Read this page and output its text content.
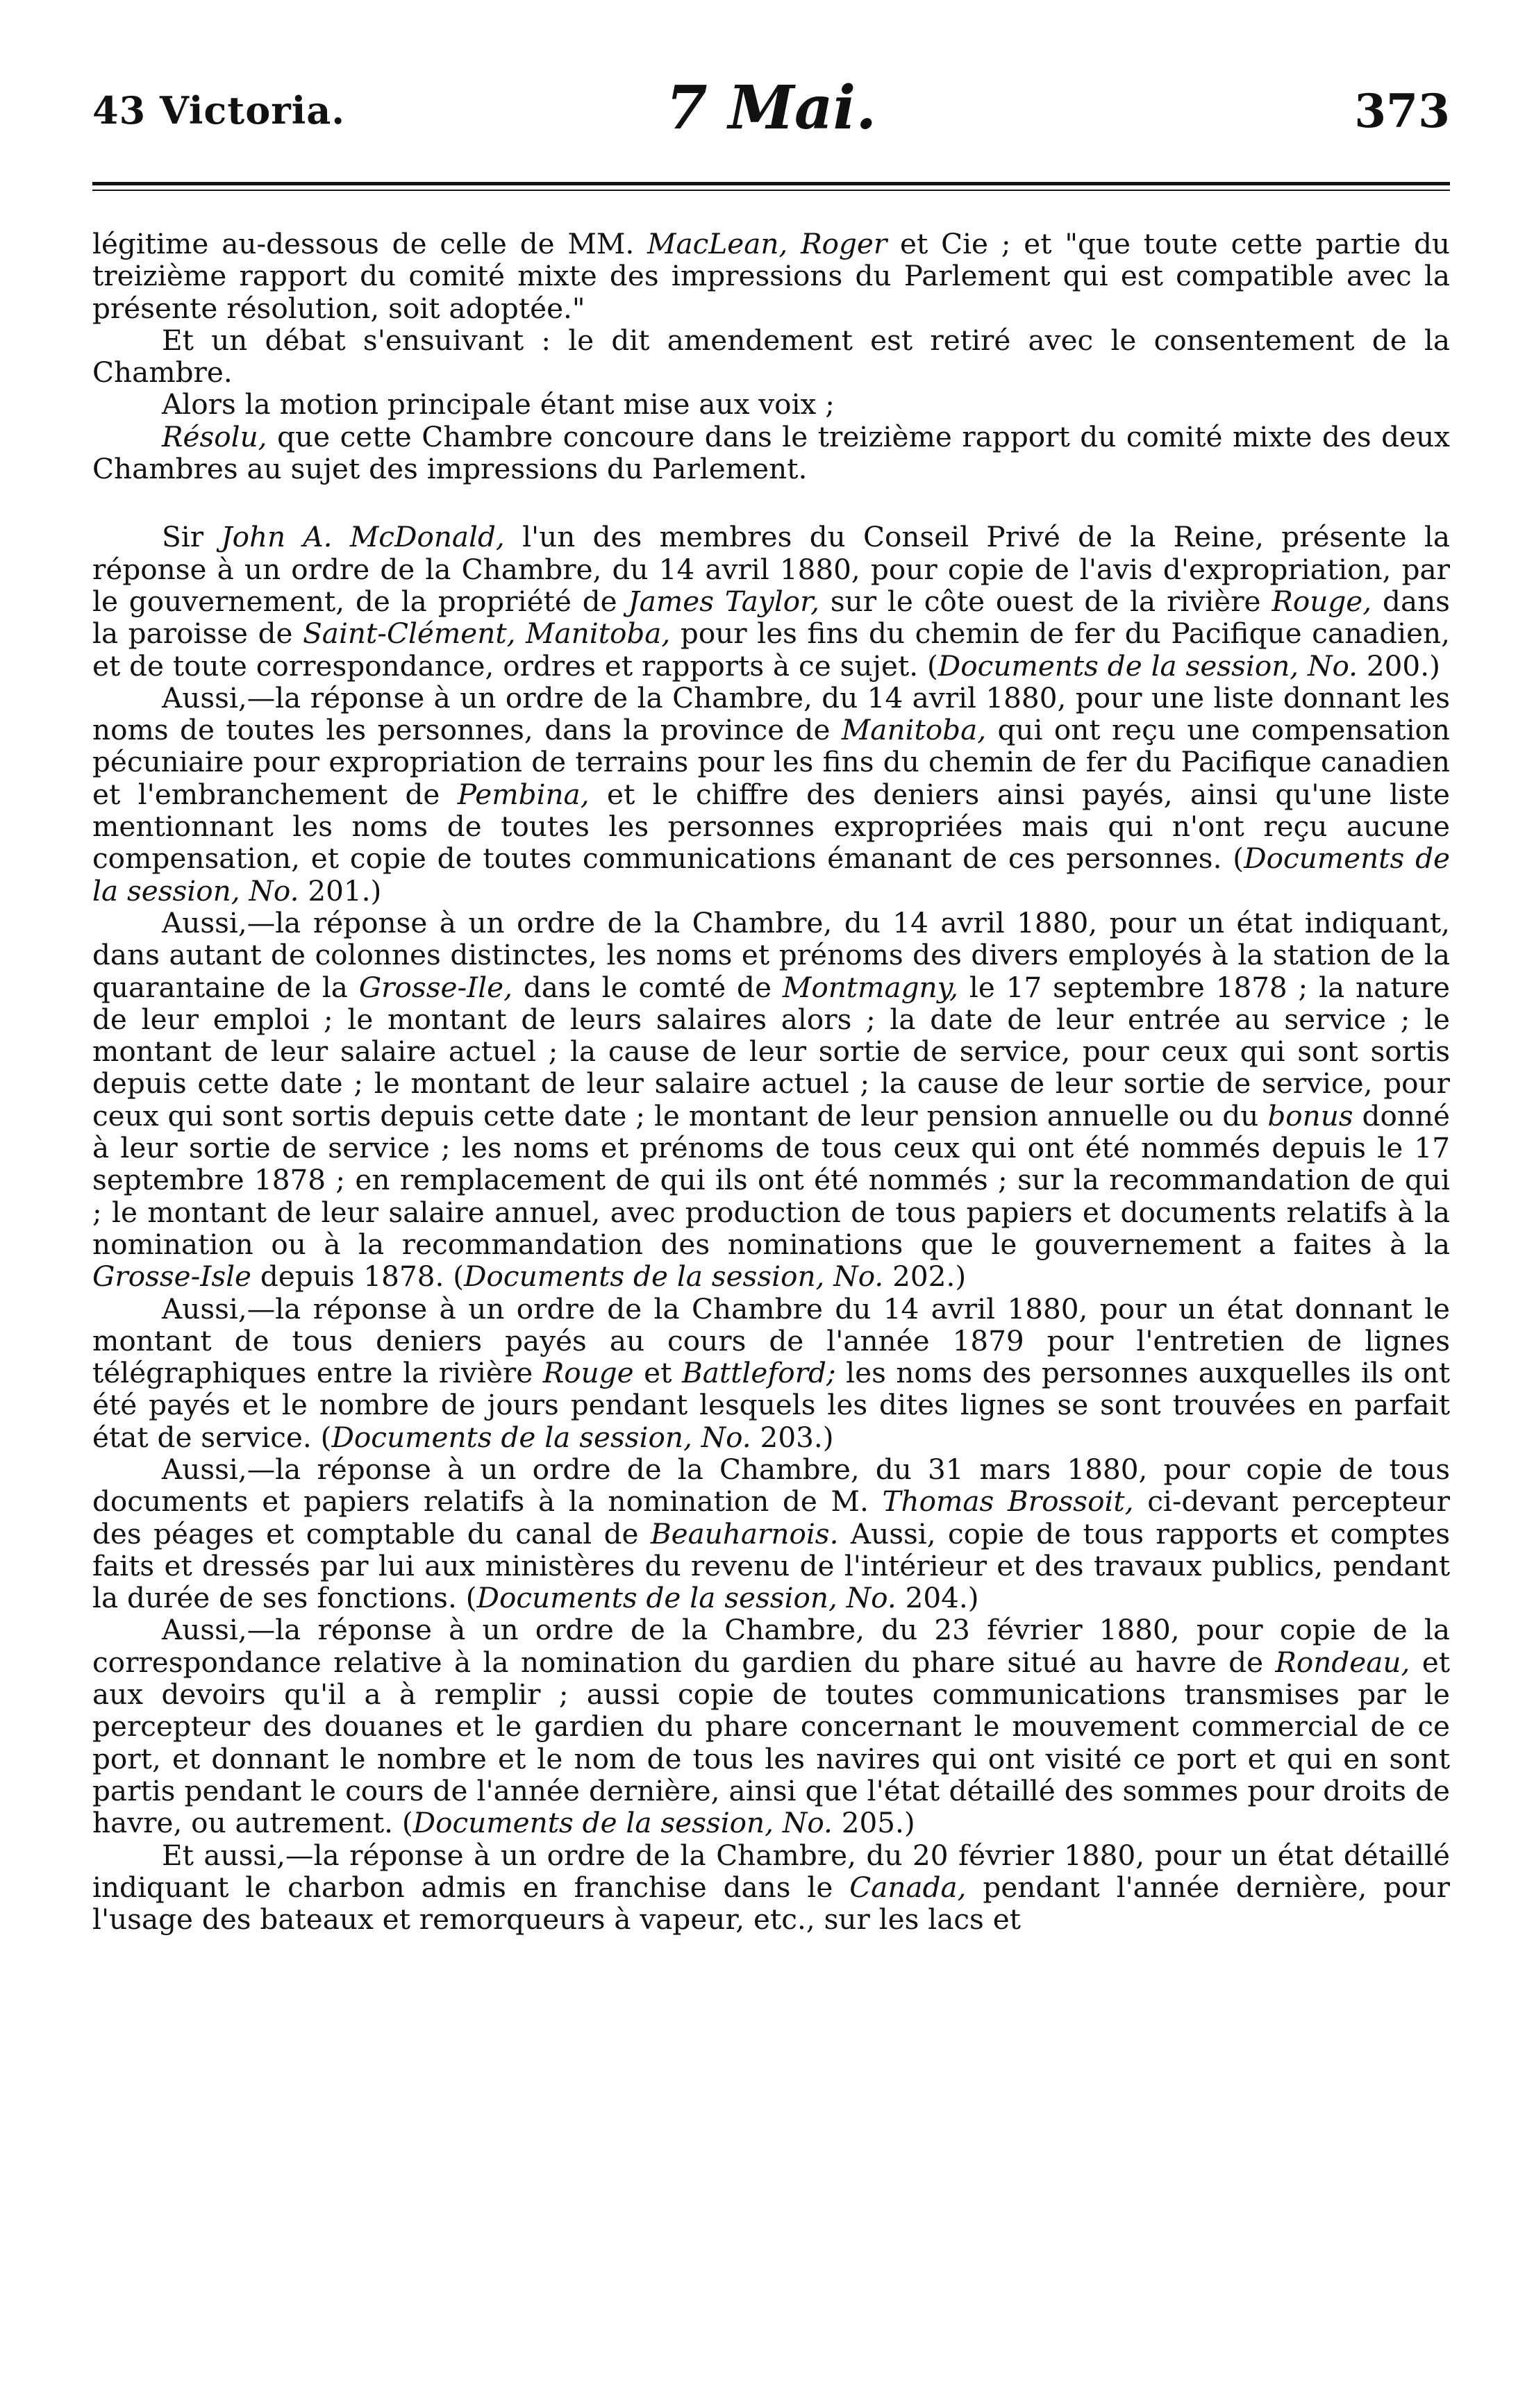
43 Victoria.	7 Mai.	373

légitime au-dessous de celle de MM. MacLean, Roger et Cie ; et "que toute cette partie du treizième rapport du comité mixte des impressions du Parlement qui est compatible avec la présente résolution, soit adoptée."

Et un débat s'ensuivant : le dit amendement est retiré avec le consentement de la Chambre.

Alors la motion principale étant mise aux voix ;

Résolu, que cette Chambre concoure dans le treizième rapport du comité mixte des deux Chambres au sujet des impressions du Parlement.

Sir John A. McDonald, l'un des membres du Conseil Privé de la Reine, présente la réponse à un ordre de la Chambre, du 14 avril 1880, pour copie de l'avis d'expropriation, par le gouvernement, de la propriété de James Taylor, sur le côte ouest de la rivière Rouge, dans la paroisse de Saint-Clément, Manitoba, pour les fins du chemin de fer du Pacifique canadien, et de toute correspondance, ordres et rapports à ce sujet. (Documents de la session, No. 200.)

Aussi,—la réponse à un ordre de la Chambre, du 14 avril 1880, pour une liste donnant les noms de toutes les personnes, dans la province de Manitoba, qui ont reçu une compensation pécuniaire pour expropriation de terrains pour les fins du chemin de fer du Pacifique canadien et l'embranchement de Pembina, et le chiffre des deniers ainsi payés, ainsi qu'une liste mentionnant les noms de toutes les personnes expropriées mais qui n'ont reçu aucune compensation, et copie de toutes communications émanant de ces personnes. (Documents de la session, No. 201.)

Aussi,—la réponse à un ordre de la Chambre, du 14 avril 1880, pour un état indiquant, dans autant de colonnes distinctes, les noms et prénoms des divers employés à la station de la quarantaine de la Grosse-Ile, dans le comté de Montmagny, le 17 septembre 1878 ; la nature de leur emploi ; le montant de leurs salaires alors ; la date de leur entrée au service ; le montant de leur salaire actuel ; la cause de leur sortie de service, pour ceux qui sont sortis depuis cette date ; le montant de leur salaire actuel ; la cause de leur sortie de service, pour ceux qui sont sortis depuis cette date ; le montant de leur pension annuelle ou du bonus donné à leur sortie de service ; les noms et prénoms de tous ceux qui ont été nommés depuis le 17 septembre 1878 ; en remplacement de qui ils ont été nommés ; sur la recommandation de qui ; le montant de leur salaire annuel, avec production de tous papiers et documents relatifs à la nomination ou à la recommandation des nominations que le gouvernement a faites à la Grosse-Isle depuis 1878. (Documents de la session, No. 202.)

Aussi,—la réponse à un ordre de la Chambre du 14 avril 1880, pour un état donnant le montant de tous deniers payés au cours de l'année 1879 pour l'entretien de lignes télégraphiques entre la rivière Rouge et Battleford; les noms des personnes auxquelles ils ont été payés et le nombre de jours pendant lesquels les dites lignes se sont trouvées en parfait état de service. (Documents de la session, No. 203.)

Aussi,—la réponse à un ordre de la Chambre, du 31 mars 1880, pour copie de tous documents et papiers relatifs à la nomination de M. Thomas Brossoit, ci-devant percepteur des péages et comptable du canal de Beauharnois. Aussi, copie de tous rapports et comptes faits et dressés par lui aux ministères du revenu de l'intérieur et des travaux publics, pendant la durée de ses fonctions. (Documents de la session, No. 204.)

Aussi,—la réponse à un ordre de la Chambre, du 23 février 1880, pour copie de la correspondance relative à la nomination du gardien du phare situé au havre de Rondeau, et aux devoirs qu'il a à remplir ; aussi copie de toutes communications transmises par le percepteur des douanes et le gardien du phare concernant le mouvement commercial de ce port, et donnant le nombre et le nom de tous les navires qui ont visité ce port et qui en sont partis pendant le cours de l'année dernière, ainsi que l'état détaillé des sommes pour droits de havre, ou autrement. (Documents de la session, No. 205.)

Et aussi,—la réponse à un ordre de la Chambre, du 20 février 1880, pour un état détaillé indiquant le charbon admis en franchise dans le Canada, pendant l'année dernière, pour l'usage des bateaux et remorqueurs à vapeur, etc., sur les lacs et
